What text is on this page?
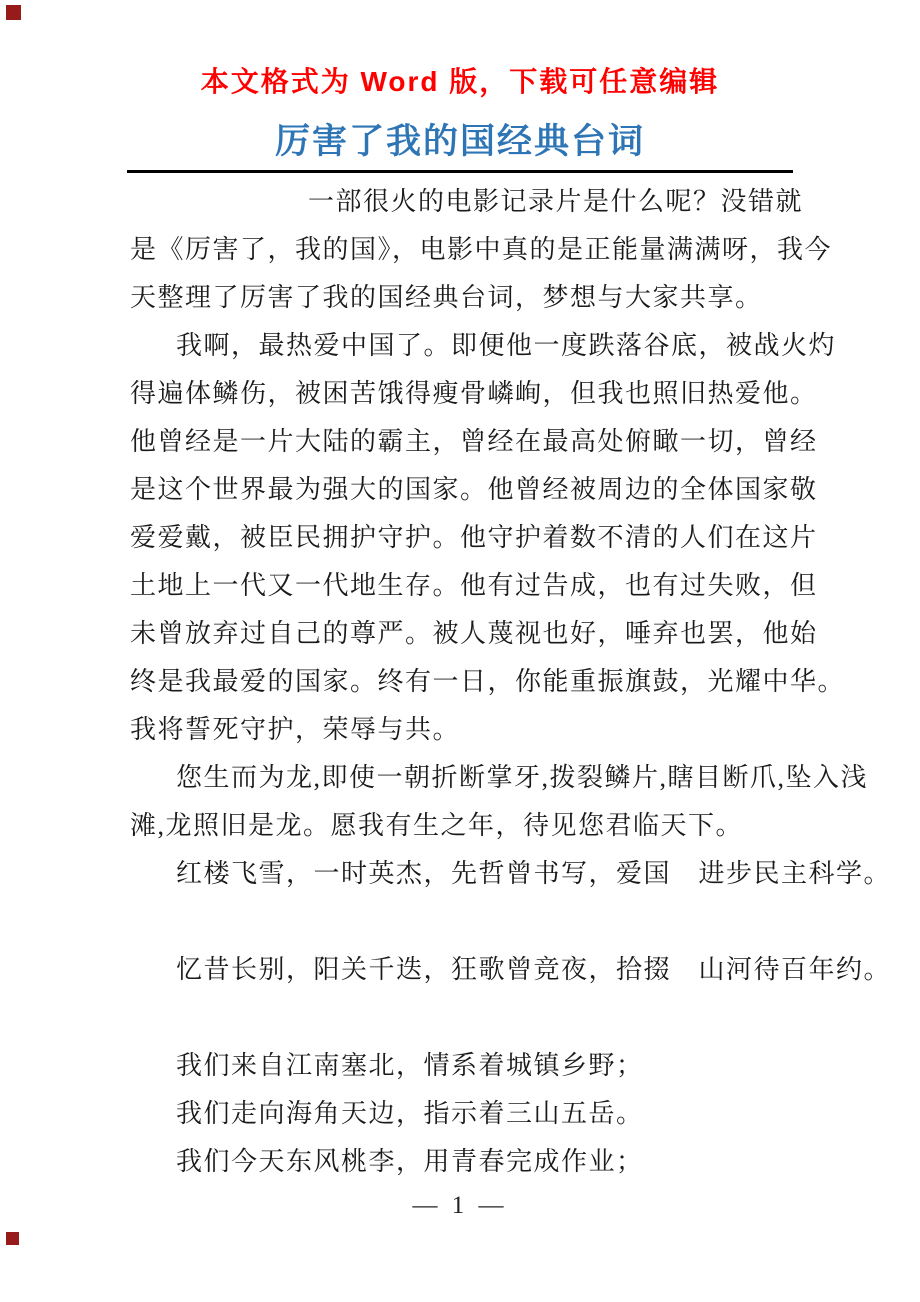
本文格式为 Word 版，下载可任意编辑
厉害了我的国经典台词
一部很火的电影记录片是什么呢？没错就
是《厉害了，我的国》，电影中真的是正能量满满呀，我今
天整理了厉害了我的国经典台词，梦想与大家共享。
我啊，最热爱中国了。即便他一度跌落谷底，被战火灼
得遍体鳞伤，被困苦饿得瘦骨嶙峋，但我也照旧热爱他。
他曾经是一片大陆的霸主，曾经在最高处俯瞰一切，曾经
是这个世界最为强大的国家。他曾经被周边的全体国家敬
爱爱戴，被臣民拥护守护。他守护着数不清的人们在这片
土地上一代又一代地生存。他有过告成，也有过失败，但
未曾放弃过自己的尊严。被人蔑视也好，唾弃也罢，他始
终是我最爱的国家。终有一日，你能重振旗鼓，光耀中华。
我将誓死守护，荣辱与共。
您生而为龙,即使一朝折断掌牙,拨裂鳞片,瞎目断爪,坠入浅
滩,龙照旧是龙。愿我有生之年，待见您君临天下。
红楼飞雪，一时英杰，先哲曾书写，爱国　进步民主科学。
忆昔长别，阳关千迭，狂歌曾竞夜，拾掇　山河待百年约。
我们来自江南塞北，情系着城镇乡野；
我们走向海角天边，指示着三山五岳。
我们今天东风桃李，用青春完成作业；
— 1 —
